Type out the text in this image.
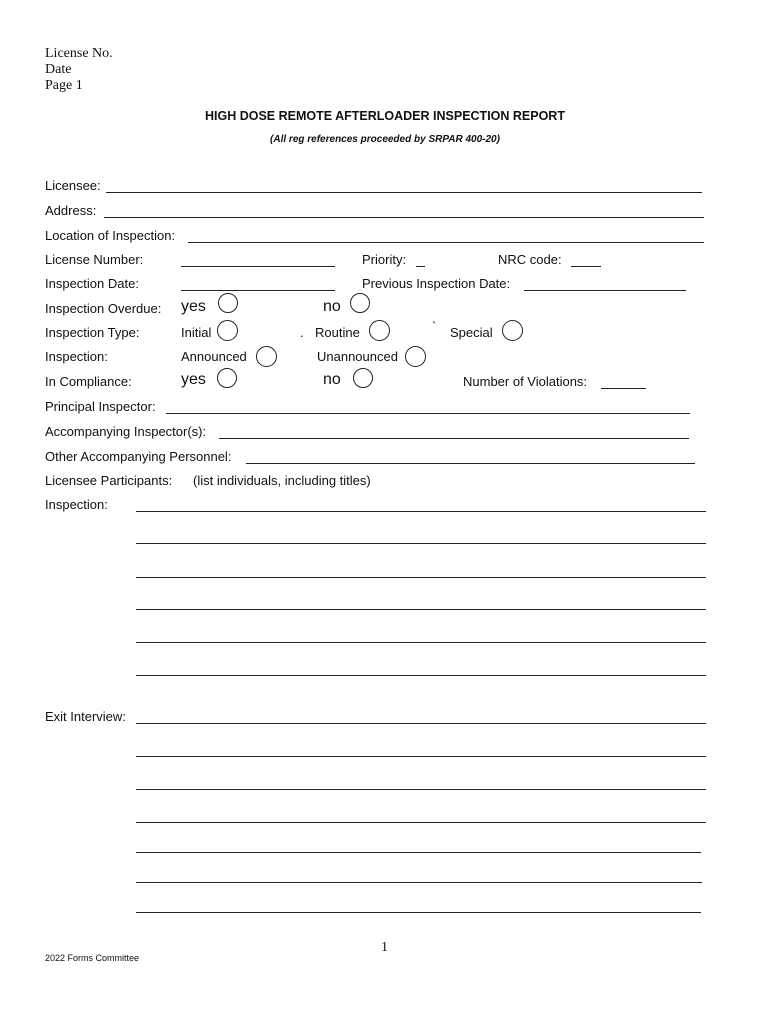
License No.
Date
Page 1
HIGH DOSE REMOTE AFTERLOADER INSPECTION REPORT
(All reg references proceeded by SRPAR 400-20)
Licensee:
Address:
Location of Inspection:
License Number:	Priority:	NRC code:
Inspection Date:	Previous Inspection Date:
Inspection Overdue: yes	no
Inspection Type:	Initial	. Routine	` Special
Inspection:	Announced	Unannounced
In Compliance:	yes	no	Number of Violations:
Principal Inspector:
Accompanying Inspector(s):
Other Accompanying Personnel:
Licensee Participants: (list individuals, including titles)
Inspection:
Exit Interview:
1
2022 Forms Committee
